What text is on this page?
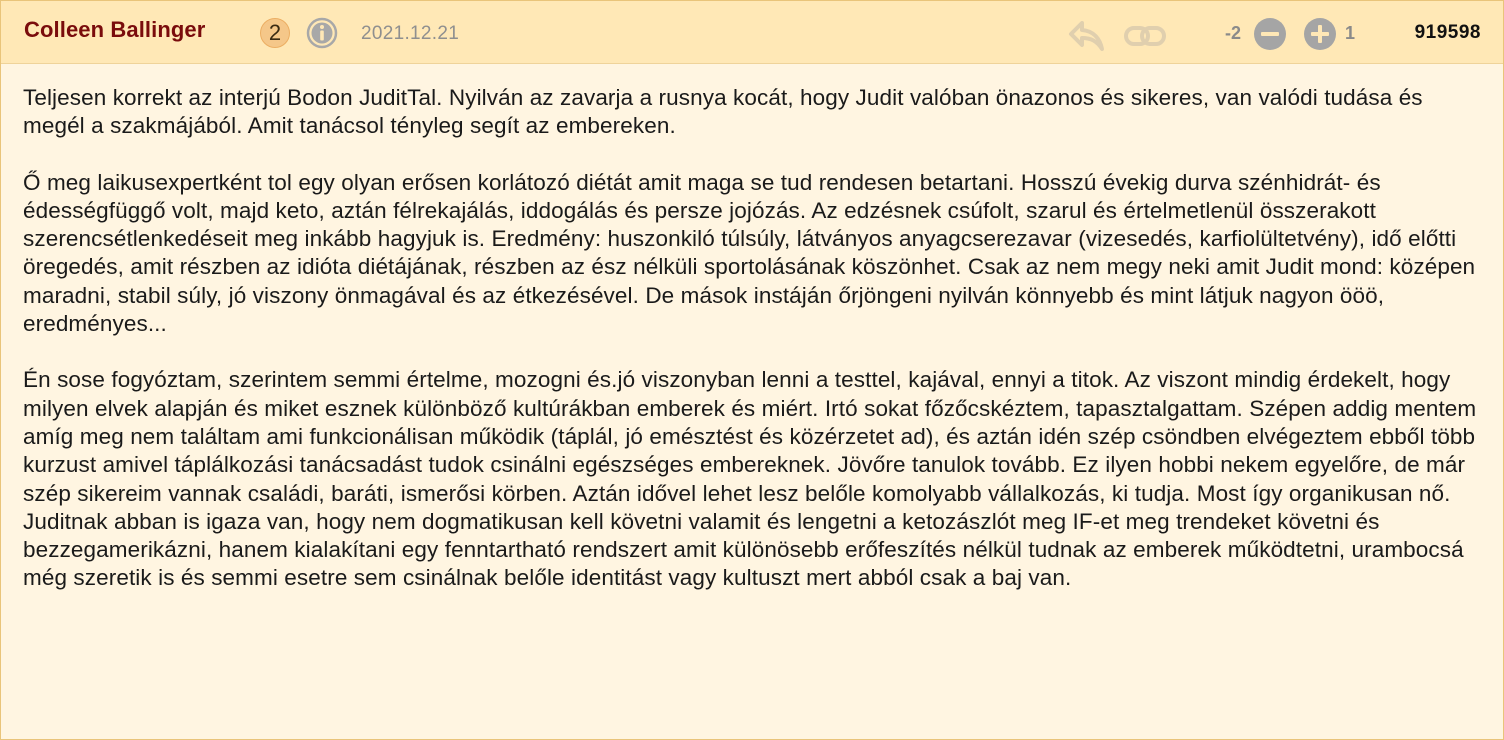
Colleen Ballinger	2	2021.12.21	-2	1	919598

Teljesen korrekt az interjú Bodon JuditTal. Nyilván az zavarja a rusnya kocát, hogy Judit valóban önazonos és sikeres, van valódi tudása és megél a szakmájából. Amit tanácsol tényleg segít az embereken.

Ő meg laikusexpertként tol egy olyan erősen korlátozó diétát amit maga se tud rendesen betartani. Hosszú évekig durva szénhidrát- és édességfüggő volt, majd keto, aztán félrekajálás, iddogálás és persze jojózás. Az edzésnek csúfolt, szarul és értelmetlenül összerakott szerencsétlenkedéseit meg inkább hagyjuk is. Eredmény: huszonkiló túlsúly, látványos anyagcserezavar (vizesedés, karfiolültetvény), idő előtti öregedés, amit részben az idióta diétájának, részben az ész nélküli sportolásának köszönhet. Csak az nem megy neki amit Judit mond: középen maradni, stabil súly, jó viszony önmagával és az étkezésével. De mások instáján őrjöngeni nyilván könnyebb és mint látjuk nagyon ööö, eredményes...

Én sose fogyóztam, szerintem semmi értelme, mozogni és.jó viszonyban lenni a testtel, kajával, ennyi a titok. Az viszont mindig érdekelt, hogy milyen elvek alapján és miket esznek különböző kultúrákban emberek és miért. Irtó sokat főzőcskéztem, tapasztalgattam. Szépen addig mentem amíg meg nem találtam ami funkcionálisan működik (táplál, jó emésztést és közérzetet ad), és aztán idén szép csöndben elvégeztem ebből több kurzust amivel táplálkozási tanácsadást tudok csinálni egészséges embereknek. Jövőre tanulok tovább. Ez ilyen hobbi nekem egyelőre, de már szép sikereim vannak családi, baráti, ismerősi körben. Aztán idővel lehet lesz belőle komolyabb vállalkozás, ki tudja. Most így organikusan nő. Juditnak abban is igaza van, hogy nem dogmatikusan kell követni valamit és lengetni a ketozászlót meg IF-et meg trendeket követni és bezzegamerikázni, hanem kialakítani egy fenntartható rendszert amit különösebb erőfeszítés nélkül tudnak az emberek működtetni, urambocsá még szeretik is és semmi esetre sem csinálnak belőle identitást vagy kultuszt mert abból csak a baj van.
